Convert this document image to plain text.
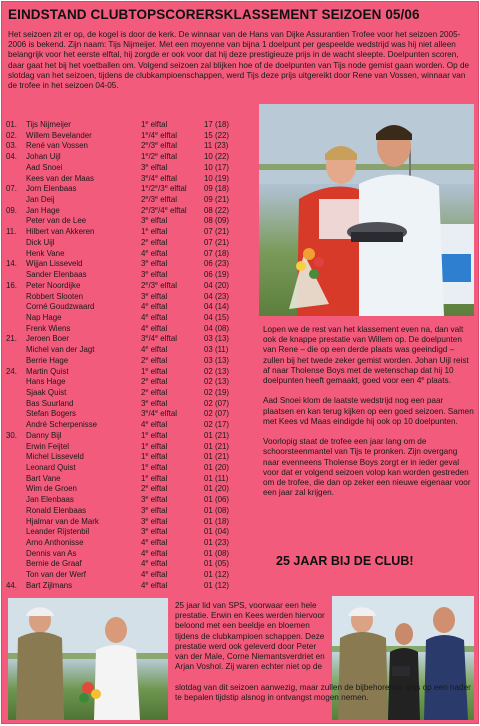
EINDSTAND CLUBTOPSCORERSKLASSEMENT SEIZOEN 05/06

Het seizoen zit er op, de kogel is door de kerk. De winnaar van de Hans van Dijke Assurantien Trofee voor het seizoen 2005-2006 is bekend. Zijn naam: Tijs Nijmeijer. Met een moyenne van bijna 1 doelpunt per gespeelde wedstrijd was hij niet alleen belangrijk voor het eerste elftal, hij zorgde er ook voor dat hij deze prestigieuze prijs in de wacht sleepte. Doelpunten scoren, daar gaat het bij het voetballen om. Volgend seizoen zal blijken hoe of de doelpunten van Tijs node gemist gaan worden. Op de slotdag van het seizoen, tijdens de clubkampioenschappen, werd Tijs deze prijs uitgereikt door Rene van Vossen, winnaar van de trofee in het seizoen 04-05.

01.	Tijs Nijmeijer	1e elftal	17 (18)
02.	Willem Bevelander	1e/4e elftal	15 (22)
03.	René van Vossen	2e/3e elftal	11 (23)
04.	Johan Uijl	1e/2e elftal	10 (22)
Aad Snoei	3e elftal	10 (17)
Kees van der Maas	3e/4e elftal	10 (19)
07.	Jorn Elenbaas	1e/2e/3e elftal 09 (18)
Jan Deij	2e/3e elftal	09 (21)
09.	Jan Hage	2e/3e/4e elftal 08 (22)
Peter van de Lee	3e elftal	08 (09)
11.	Hilbert van Akkeren	1e elftal	07 (21)
Dick Uijl	2e elftal	07 (21)
Henk Vane	4e elftal	07 (18)
14.	Wijjan Lisseveld	3e elftal	06 (23)
Sander Elenbaas	3e elftal	06 (19)
16.	Peter Noordijke	2e/3e elftal	04 (20)
Robbert Slooten	3e elftal	04 (23)
Corné Goudzwaard	4e elftal	04 (14)
Nap Hage	4e elftal	04 (15)
Frenk Wiens	4e elftal	04 (08)
21.	Jeroen Boer	3e/4e elftal	03 (13)
Michel van der Jagt	4e elftal	03 (11)
Berrie Hage	2e elftal	03 (13)
24.	Martin Quist	1e elftal	02 (13)
Hans Hage	2e elftal	02 (13)
Sjaak Quist	2e elftal	02 (19)
Bas Suurland	3e elftal	02 (07)
Stefan Bogers	3e/4e elftal	02 (07)
André Scherpenisse	4e elftal	02 (17)
30.	Danny Bijl	1e elftal	01 (21)
Erwin Feijtel	1e elftal	01 (21)
Michel Lisseveld	1e elftal	01 (21)
Leonard Quist	1e elftal	01 (20)
Bart Vane	1e elftal	01 (11)
Wim de Groen	2e elftal	01 (20)
Jan Elenbaas	3e elftal	01 (06)
Ronald Elenbaas	3e elftal	01 (08)
Hjalmar van de Mark	3e elftal	01 (18)
Leander Rijstenbil	3e elftal	01 (04)
Arno Anthonisse	4e elftal	01 (23)
Dennis van As	4e elftal	01 (08)
Bernie de Graaf	4e elftal	01 (05)
Ton van der Werf	4e elftal	01 (12)
44.	Bart Zijlmans	4e elftal	01 (12)

Lopen we de rest van het klassement even na, dan valt ook de knappe prestatie van Willem op. De doelpunten van Rene – die op een derde plaats was geeindigd – zullen bij het twede zeker gemist worden. Johan Uijl reist af naar Tholense Boys met de wetenschap dat hij 10 doelpunten heeft gemaakt, goed voor een 4e plaats.

Aad Snoei klom de laatste wedstrijd nog een paar plaatsen en kan terug kijken op een goed seizoen. Samen met Kees vd Maas eindigde hij ook op 10 doelpunten.

Voorlopig staat de trofee een jaar lang om de schoorsteenmantel van Tijs te pronken. Zijn overgang naar evenneens Tholense Boys zorgt er in ieder geval voor dat er volgend seizoen volop kan worden gestreden om de trofee, die dan op zeker een nieuwe eigenaar voor een jaar zal krijgen.

25 JAAR BIJ DE CLUB!

25 jaar lid van SPS, voorwaar een hele prestatie. Erwin en Kees werden hiervoor beloond met een beeldje en bloemen tijdens de clubkampioen schappen. Deze prestatie werd ook geleverd door Peter van der Male, Corne Niemantsverdriet en Arjan Voshol. Zij waren echter niet op de

slotdag van dit seizoen aanwezig, maar zullen de bijbehorende prijs op een nader te bepalen tijdstip alsnog in ontvangst mogen nemen.
